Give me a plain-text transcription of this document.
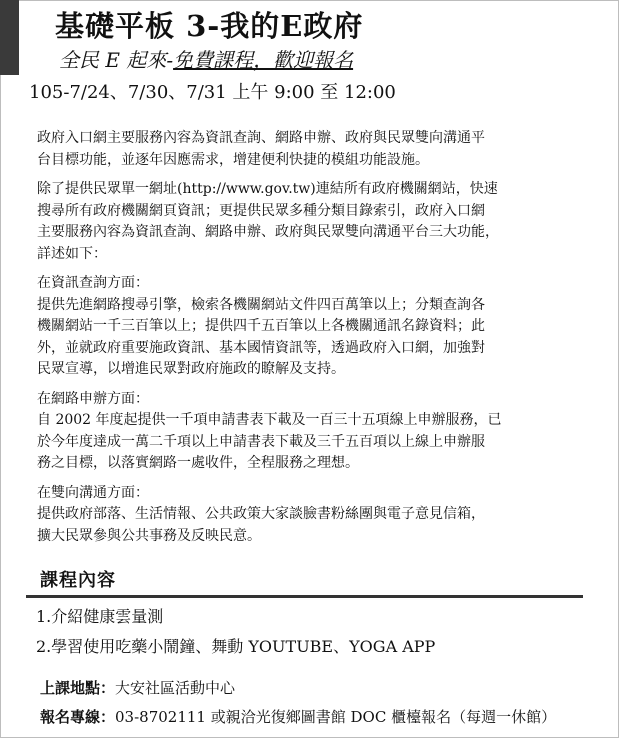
基礎平板 3-我的E政府
全民 E 起來-免費課程，歡迎報名
105-7/24、7/30、7/31 上午 9:00 至 12:00

政府入口網主要服務內容為資訊查詢、網路申辦、政府與民眾雙向溝通平

台目標功能，並逐年因應需求，增建便利快捷的模組功能設施。

除了提供民眾單一網址(http://www.gov.tw)連結所有政府機關網站，快速

搜尋所有政府機關網頁資訊；更提供民眾多種分類目錄索引，政府入口網

主要服務內容為資訊查詢、網路申辦、政府與民眾雙向溝通平台三大功能，

詳述如下：

在資訊查詢方面：

提供先進網路搜尋引擎，檢索各機關網站文件四百萬筆以上；分類查詢各

機關網站一千三百筆以上；提供四千五百筆以上各機關通訊名錄資料；此

外，並就政府重要施政資訊、基本國情資訊等，透過政府入口網，加強對

民眾宣導，以增進民眾對政府施政的瞭解及支持。

在網路申辦方面：

自 2002 年度起提供一千項申請書表下載及一百三十五項線上申辦服務，已

於今年度達成一萬二千項以上申請書表下載及三千五百項以上線上申辦服

務之目標，以落實網路一處收件，全程服務之理想。

在雙向溝通方面：

提供政府部落、生活情報、公共政策大家談臉書粉絲團與電子意見信箱，

擴大民眾參與公共事務及反映民意。

課程內容
1.介紹健康雲量測
2.學習使用吃藥小鬧鐘、舞動 YOUTUBE、YOGA APP
上課地點：大安社區活動中心
報名專線：03-8702111 或親洽光復鄉圖書館 DOC 櫃檯報名（每週一休館）
